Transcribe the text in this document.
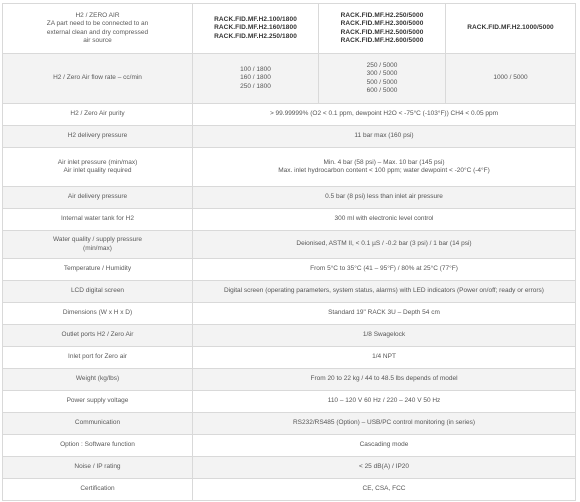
H2 / ZERO AIR
ZA part need to be connected to an
external clean and dry compressed
air source	RACK.FID.MF.H2.100/1800
RACK.FID.MF.H2.160/1800
RACK.FID.MF.H2.250/1800	RACK.FID.MF.H2.250/5000
RACK.FID.MF.H2.300/5000
RACK.FID.MF.H2.500/5000
RACK.FID.MF.H2.600/5000	RACK.FID.MF.H2.1000/5000

H2 / Zero Air flow rate – cc/min	100 / 1800
160 / 1800
250 / 1800	250 / 5000
300 / 5000
500 / 5000
600 / 5000	1000 / 5000

H2 / Zero Air purity	> 99.99999% (O2 < 0.1 ppm, dewpoint H2O < -75°C (-103°F)) CH4 < 0.05 ppm		

H2 delivery pressure	11 bar max (160 psi)		

Air inlet pressure (min/max)
Air inlet quality required	Min. 4 bar (58 psi) – Max. 10 bar (145 psi)
Max. inlet hydrocarbon content < 100 ppm; water dewpoint < -20°C (-4°F)		

Air delivery pressure	0.5 bar (8 psi) less than inlet air pressure		

Internal water tank for H2	300 ml with electronic level control		

Water quality / supply pressure
(min/max)	Deionised, ASTM II, < 0.1 µS / -0.2 bar (3 psi) / 1 bar (14 psi)		

Temperature / Humidity	From 5°C to 35°C (41 – 95°F) / 80% at 25°C (77°F)		

LCD digital screen	Digital screen (operating parameters, system status, alarms) with LED indicators (Power on/off; ready or errors)		

Dimensions (W x H x D)	Standard 19" RACK 3U – Depth 54 cm		

Outlet ports H2 / Zero Air	1/8 Swagelock		

Inlet port for Zero air	1/4 NPT		

Weight (kg/lbs)	From 20 to 22 kg / 44 to 48.5 lbs depends of model		

Power supply voltage	110 – 120 V 60 Hz / 220 – 240 V 50 Hz		

Communication	RS232/RS485 (Option) – USB/PC control monitoring (in series)		

Option : Software function	Cascading mode		

Noise / IP rating	< 25 dB(A) / IP20		

Certification	CE, CSA, FCC		
